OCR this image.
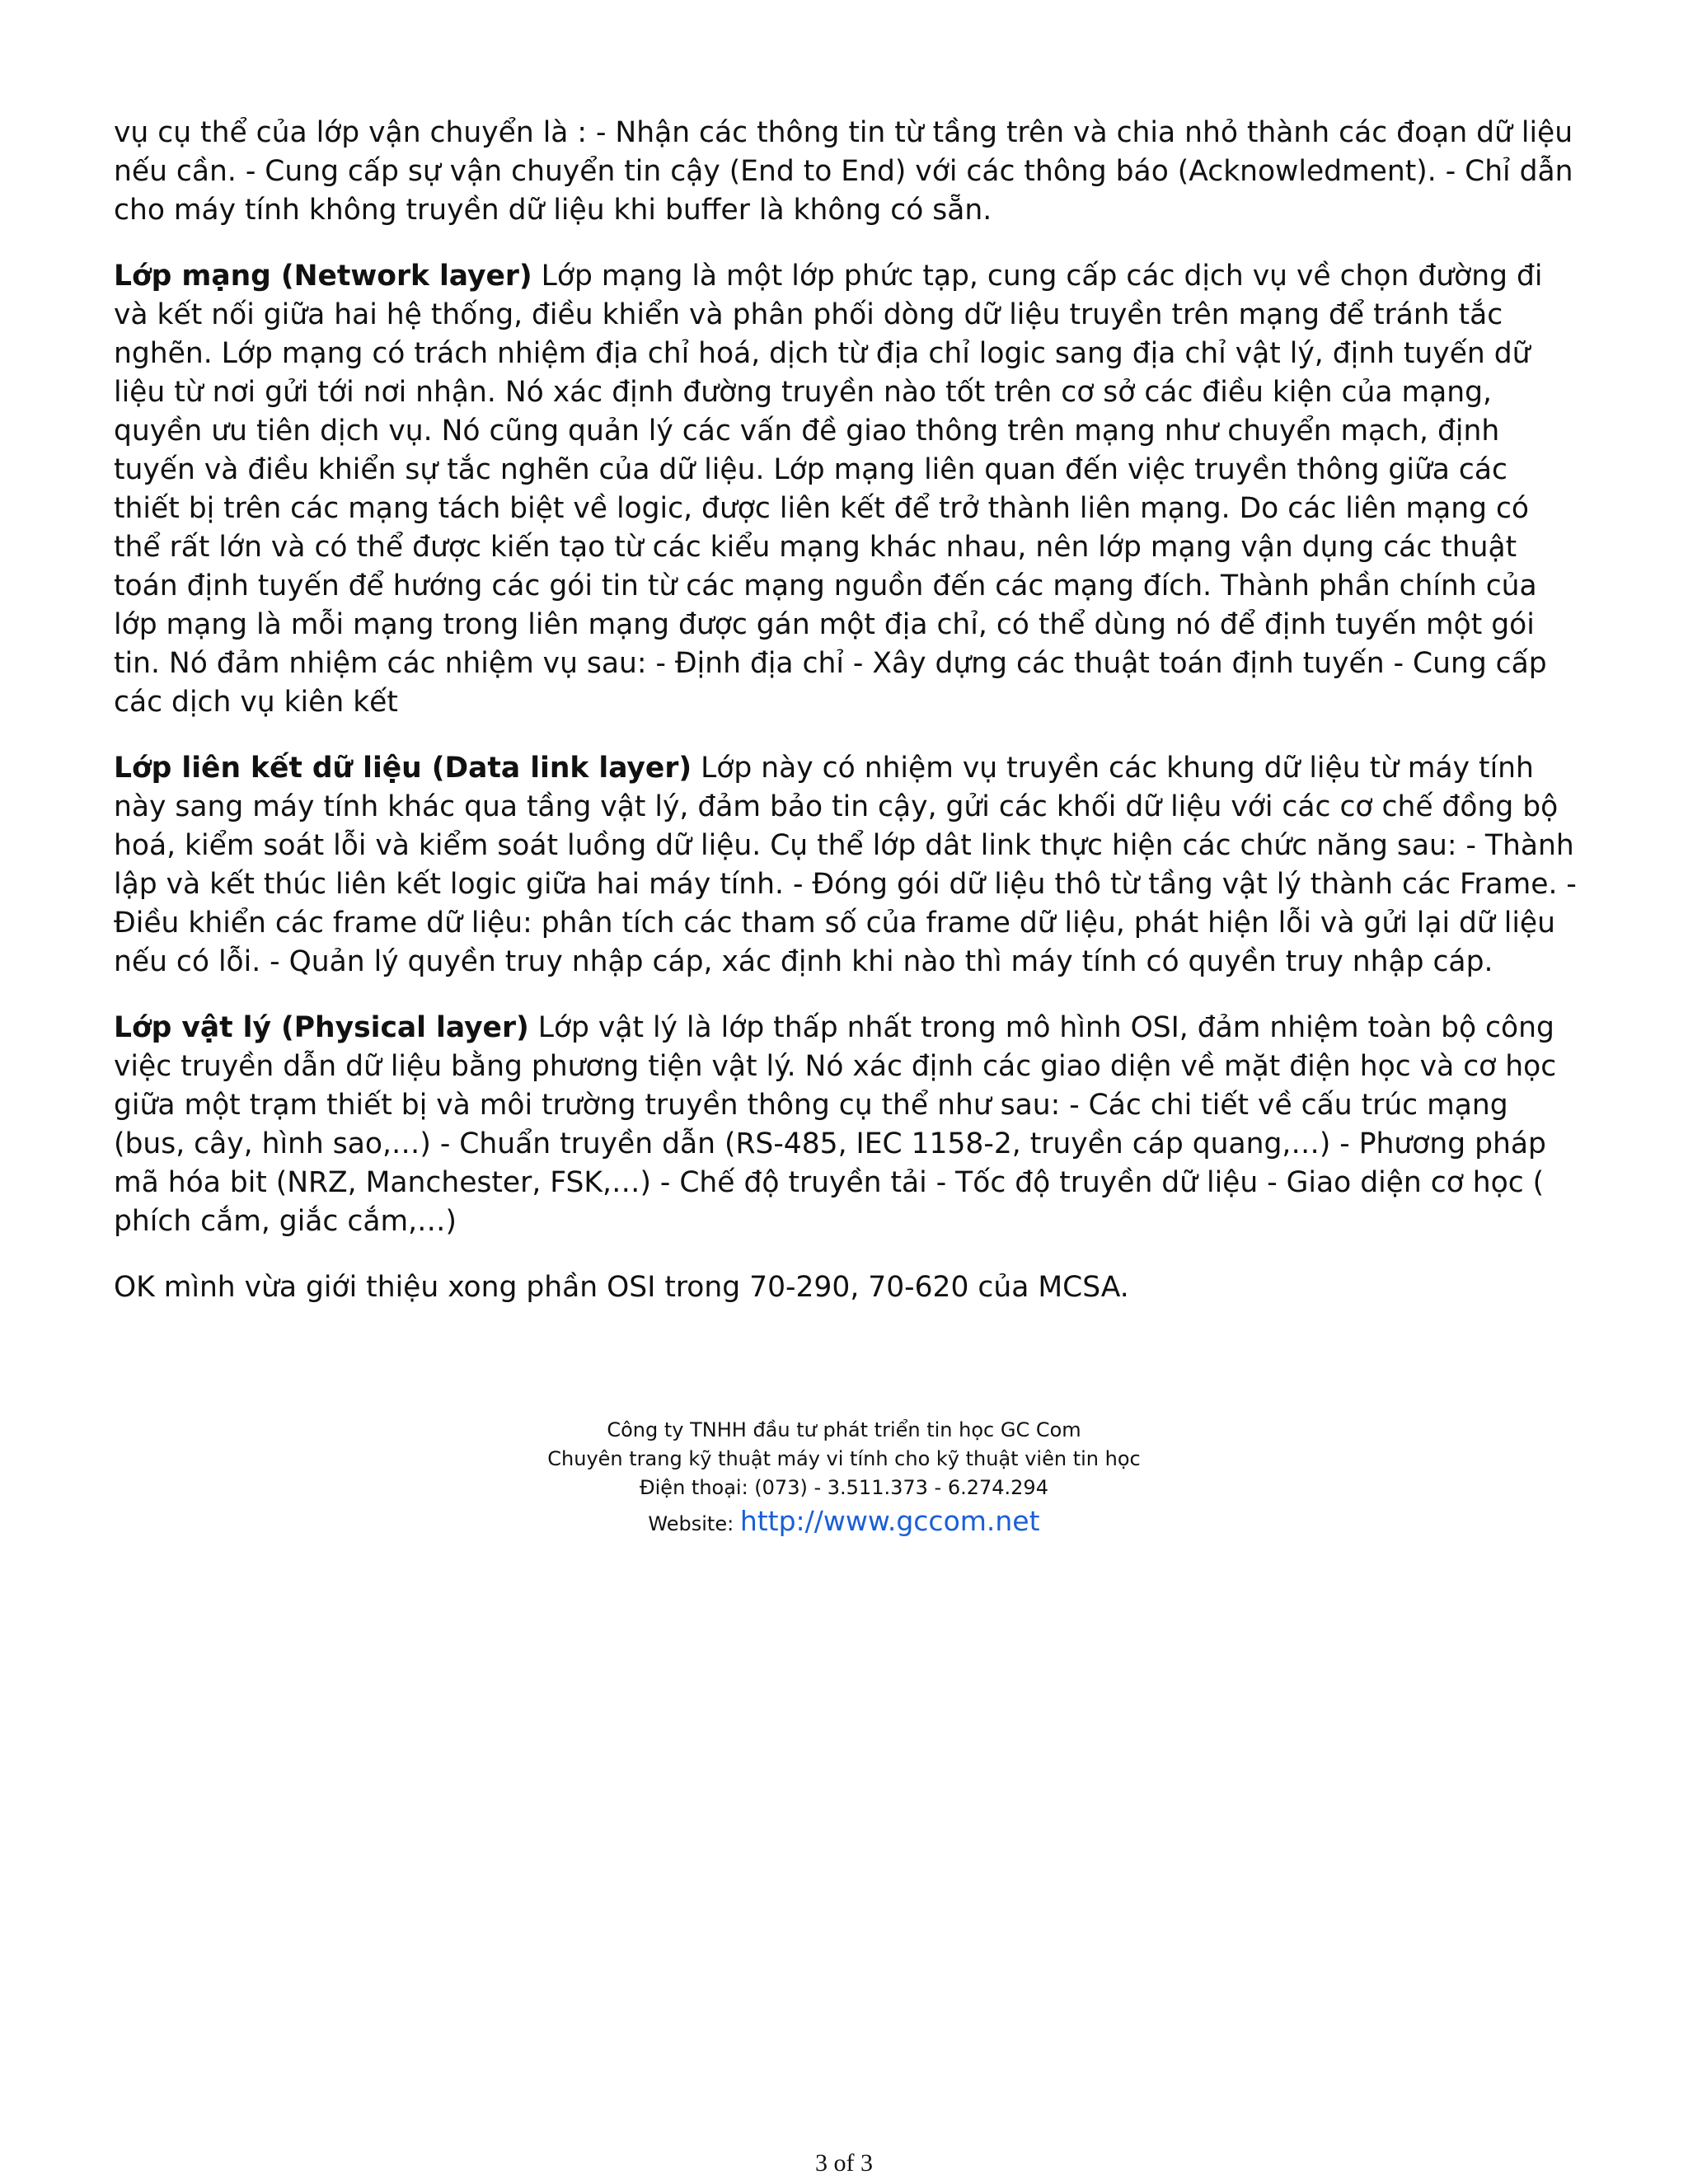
vụ cụ thể của lớp vận chuyển là : - Nhận các thông tin từ tầng trên và chia nhỏ thành các đoạn dữ liệu nếu cần. - Cung cấp sự vận chuyển tin cậy (End to End) với các thông báo (Acknowledment). - Chỉ dẫn cho máy tính không truyền dữ liệu khi buffer là không có sẵn.

Lớp mạng (Network layer) Lớp mạng là một lớp phức tạp, cung cấp các dịch vụ về chọn đường đi và kết nối giữa hai hệ thống, điều khiển và phân phối dòng dữ liệu truyền trên mạng để tránh tắc nghẽn. Lớp mạng có trách nhiệm địa chỉ hoá, dịch từ địa chỉ logic sang địa chỉ vật lý, định tuyến dữ liệu từ nơi gửi tới nơi nhận. Nó xác định đường truyền nào tốt trên cơ sở các điều kiện của mạng, quyền ưu tiên dịch vụ. Nó cũng quản lý các vấn đề giao thông trên mạng như chuyển mạch, định tuyến và điều khiển sự tắc nghẽn của dữ liệu. Lớp mạng liên quan đến việc truyền thông giữa các thiết bị trên các mạng tách biệt về logic, được liên kết để trở thành liên mạng. Do các liên mạng có thể rất lớn và có thể được kiến tạo từ các kiểu mạng khác nhau, nên lớp mạng vận dụng các thuật toán định tuyến để hướng các gói tin từ các mạng nguồn đến các mạng đích. Thành phần chính của lớp mạng là mỗi mạng trong liên mạng được gán một địa chỉ, có thể dùng nó để định tuyến một gói tin. Nó đảm nhiệm các nhiệm vụ sau: - Định địa chỉ - Xây dựng các thuật toán định tuyến - Cung cấp các dịch vụ kiên kết

Lớp liên kết dữ liệu (Data link layer) Lớp này có nhiệm vụ truyền các khung dữ liệu từ máy tính này sang máy tính khác qua tầng vật lý, đảm bảo tin cậy, gửi các khối dữ liệu với các cơ chế đồng bộ hoá, kiểm soát lỗi và kiểm soát luồng dữ liệu. Cụ thể lớp dât link thực hiện các chức năng sau: - Thành lập và kết thúc liên kết logic giữa hai máy tính. - Đóng gói dữ liệu thô từ tầng vật lý thành các Frame. - Điều khiển các frame dữ liệu: phân tích các tham số của frame dữ liệu, phát hiện lỗi và gửi lại dữ liệu nếu có lỗi. - Quản lý quyền truy nhập cáp, xác định khi nào thì máy tính có quyền truy nhập cáp.

Lớp vật lý (Physical layer) Lớp vật lý là lớp thấp nhất trong mô hình OSI, đảm nhiệm toàn bộ công việc truyền dẫn dữ liệu bằng phương tiện vật lý. Nó xác định các giao diện về mặt điện học và cơ học giữa một trạm thiết bị và môi trường truyền thông cụ thể như sau: - Các chi tiết về cấu trúc mạng (bus, cây, hình sao,…) - Chuẩn truyền dẫn (RS-485, IEC 1158-2, truyền cáp quang,…) - Phương pháp mã hóa bit (NRZ, Manchester, FSK,…) - Chế độ truyền tải - Tốc độ truyền dữ liệu - Giao diện cơ học ( phích cắm, giắc cắm,…)

OK mình vừa giới thiệu xong phần OSI trong 70-290, 70-620 của MCSA.

Công ty TNHH đầu tư phát triển tin học GC Com
Chuyên trang kỹ thuật máy vi tính cho kỹ thuật viên tin học
Điện thoại: (073) - 3.511.373 - 6.274.294
Website: http://www.gccom.net
3 of 3
